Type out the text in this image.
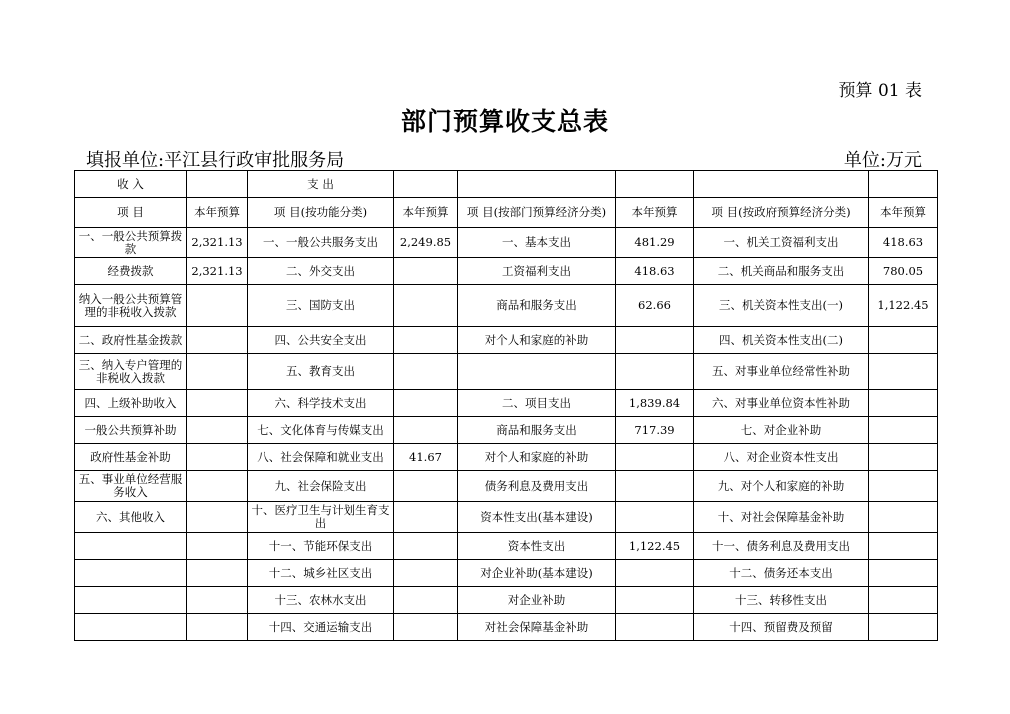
预算 01 表
部门预算收支总表
填报单位:平江县行政审批服务局	单位:万元
收 入		支 出					
项 目	本年预算	项 目(按功能分类)	本年预算	项 目(按部门预算经济分类)	本年预算	项 目(按政府预算经济分类)	本年预算
一、一般公共预算拨款	2,321.13	一、一般公共服务支出	2,249.85	一、基本支出	481.29	一、机关工资福利支出	418.63
经费拨款	2,321.13	二、外交支出		工资福利支出	418.63	二、机关商品和服务支出	780.05
纳入一般公共预算管理的非税收入拨款		三、国防支出		商品和服务支出	62.66	三、机关资本性支出(一)	1,122.45
二、政府性基金拨款		四、公共安全支出		对个人和家庭的补助		四、机关资本性支出(二)	
三、纳入专户管理的非税收入拨款		五、教育支出				五、对事业单位经常性补助	
四、上级补助收入		六、科学技术支出		二、项目支出	1,839.84	六、对事业单位资本性补助	
一般公共预算补助		七、文化体育与传媒支出		商品和服务支出	717.39	七、对企业补助	
政府性基金补助		八、社会保障和就业支出	41.67	对个人和家庭的补助		八、对企业资本性支出	
五、事业单位经营服务收入		九、社会保险支出		债务利息及费用支出		九、对个人和家庭的补助	
六、其他收入		十、医疗卫生与计划生育支出		资本性支出(基本建设)		十、对社会保障基金补助	
		十一、节能环保支出		资本性支出	1,122.45	十一、债务利息及费用支出	
		十二、城乡社区支出		对企业补助(基本建设)		十二、债务还本支出	
		十三、农林水支出		对企业补助		十三、转移性支出	
		十四、交通运输支出		对社会保障基金补助		十四、预留费及预留	
